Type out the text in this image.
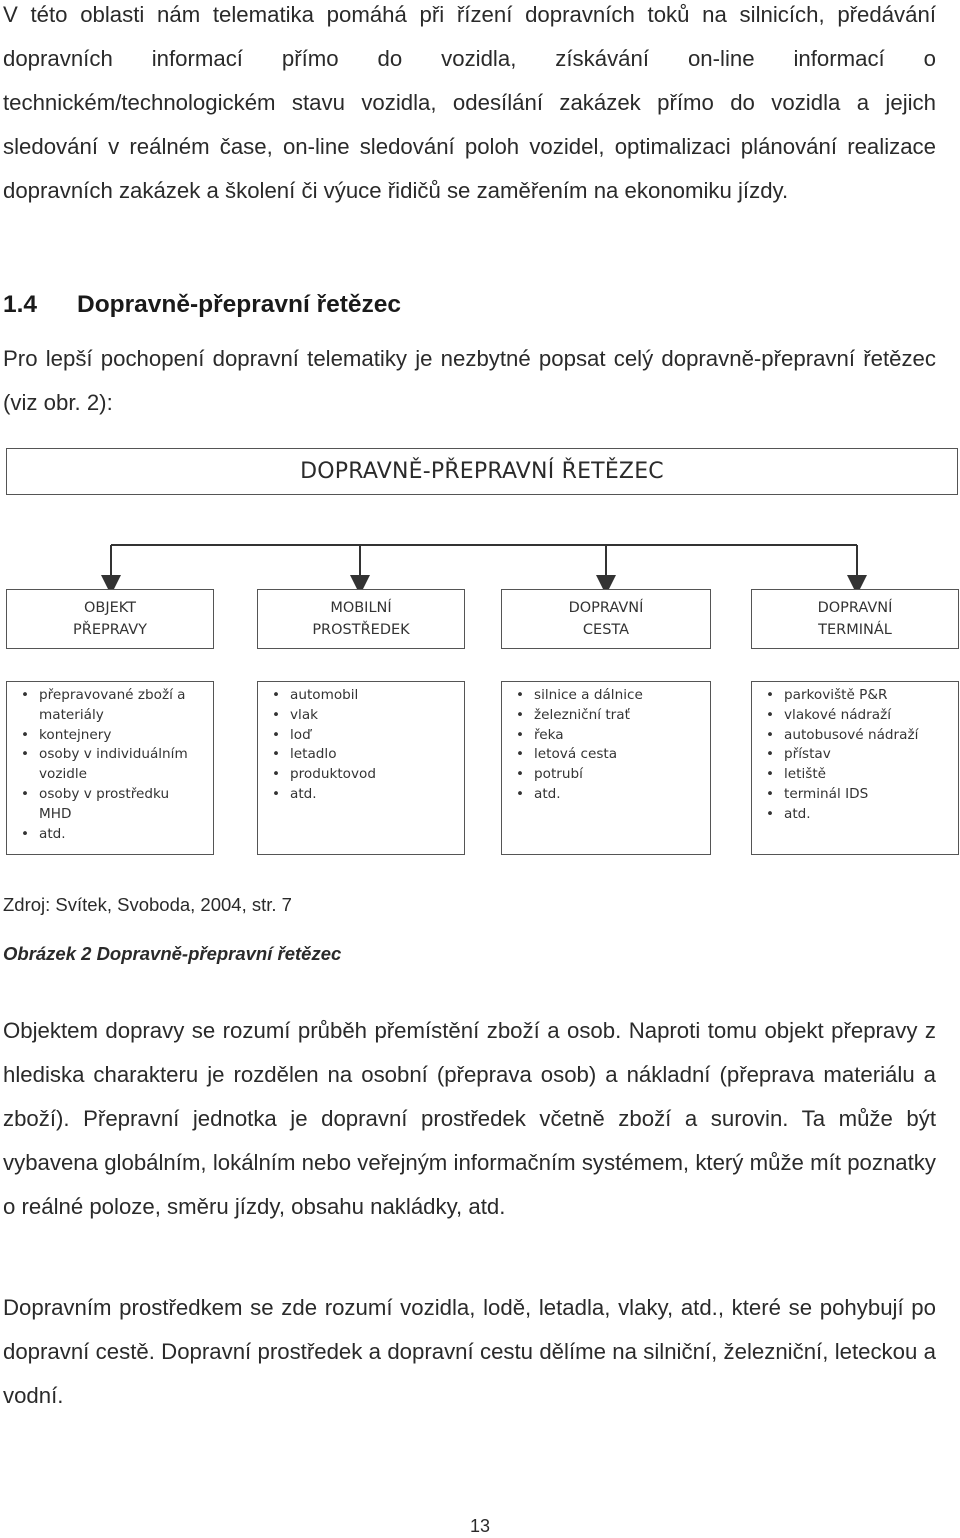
V této oblasti nám telematika pomáhá při řízení dopravních toků na silnicích, předávání dopravních informací přímo do vozidla, získávání on-line informací o technickém/technologickém stavu vozidla, odesílání zakázek přímo do vozidla a jejich sledování v reálném čase, on-line sledování poloh vozidel, optimalizaci plánování realizace dopravních zakázek a školení či výuce řidičů se zaměřením na ekonomiku jízdy.

1.4 Dopravně-přepravní řetězec

Pro lepší pochopení dopravní telematiky je nezbytné popsat celý dopravně-přepravní řetězec (viz obr. 2):

DOPRAVNĚ-PŘEPRAVNÍ ŘETĚZEC
OBJEKT
PŘEPRAVY
MOBILNÍ
PROSTŘEDEK
DOPRAVNÍ
CESTA
DOPRAVNÍ
TERMINÁL
• přepravované zboží a materiály
• kontejnery
• osoby v individuálním vozidle
• osoby v prostředku MHD
• atd.
• automobil
• vlak
• loď
• letadlo
• produktovod
• atd.
• silnice a dálnice
• železniční trať
• řeka
• letová cesta
• potrubí
• atd.
• parkoviště P&R
• vlakové nádraží
• autobusové nádraží
• přístav
• letiště
• terminál IDS
• atd.

Zdroj: Svítek, Svoboda, 2004, str. 7

Obrázek 2 Dopravně-přepravní řetězec

Objektem dopravy se rozumí průběh přemístění zboží a osob. Naproti tomu objekt přepravy z hlediska charakteru je rozdělen na osobní (přeprava osob) a nákladní (přeprava materiálu a zboží). Přepravní jednotka je dopravní prostředek včetně zboží a surovin. Ta může být vybavena globálním, lokálním nebo veřejným informačním systémem, který může mít poznatky o reálné poloze, směru jízdy, obsahu nakládky, atd.

Dopravním prostředkem se zde rozumí vozidla, lodě, letadla, vlaky, atd., které se pohybují po dopravní cestě. Dopravní prostředek a dopravní cestu dělíme na silniční, železniční, leteckou a vodní.

13
